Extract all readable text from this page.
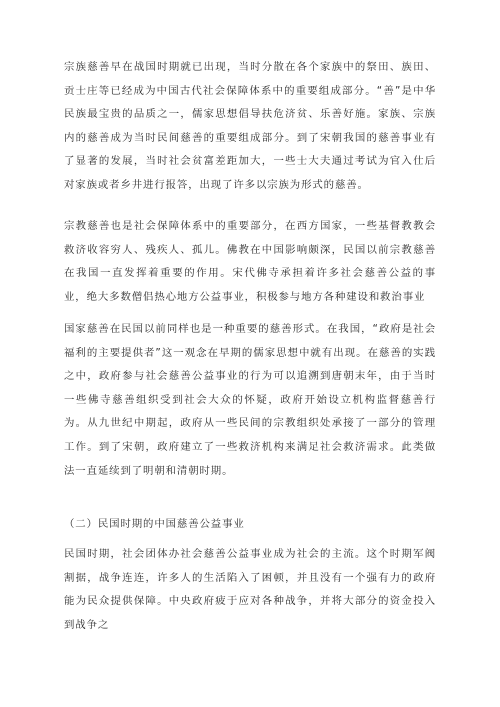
宗族慈善早在战国时期就已出现，当时分散在各个家族中的祭田、族田、贡士庄等已经成为中国古代社会保障体系中的重要组成部分。“善”是中华民族最宝贵的品质之一，儒家思想倡导扶危济贫、乐善好施。家族、宗族内的慈善成为当时民间慈善的重要组成部分。到了宋朝我国的慈善事业有了显著的发展，当时社会贫富差距加大，一些士大夫通过考试为官入仕后对家族或者乡井进行报答，出现了许多以宗族为形式的慈善。

宗教慈善也是社会保障体系中的重要部分，在西方国家，一些基督教教会救济收容穷人、残疾人、孤儿。佛教在中国影响颇深，民国以前宗教慈善在我国一直发挥着重要的作用。宋代佛寺承担着许多社会慈善公益的事业，绝大多数僧侣热心地方公益事业，积极参与地方各种建设和救治事业

国家慈善在民国以前同样也是一种重要的慈善形式。在我国，“政府是社会福利的主要提供者”这一观念在早期的儒家思想中就有出现。在慈善的实践之中，政府参与社会慈善公益事业的行为可以追溯到唐朝末年，由于当时一些佛寺慈善组织受到社会大众的怀疑，政府开始设立机构监督慈善行为。从九世纪中期起，政府从一些民间的宗教组织处承接了一部分的管理工作。到了宋朝，政府建立了一些救济机构来满足社会救济需求。此类做法一直延续到了明朝和清朝时期。

（二）民国时期的中国慈善公益事业

民国时期，社会团体办社会慈善公益事业成为社会的主流。这个时期军阀割据，战争连连，许多人的生活陷入了困顿，并且没有一个强有力的政府能为民众提供保障。中央政府疲于应对各种战争，并将大部分的资金投入到战争之
